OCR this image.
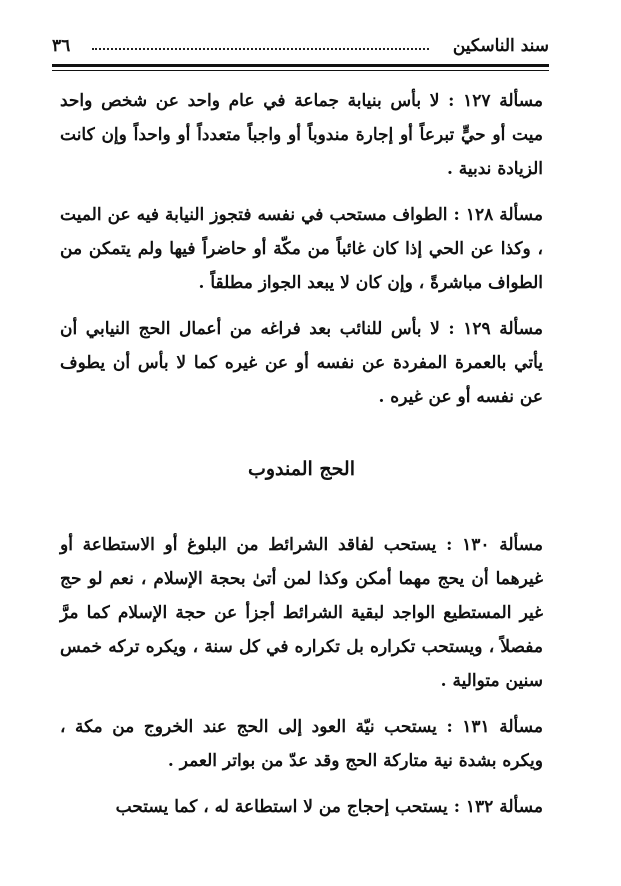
سند الناسكين
٣٦

مسألة ١٢٧ : لا بأس بنيابة جماعة في عام واحد عن شخص واحد ميت أو حيٍّ تبرعاً أو إجارة مندوباً أو واجباً متعدداً أو واحداً وإن كانت الزيادة ندبية .

مسألة ١٢٨ : الطواف مستحب في نفسه فتجوز النيابة فيه عن الميت ، وكذا عن الحي إذا كان غائباً من مكّة أو حاضراً فيها ولم يتمكن من الطواف مباشرةً ، وإن كان لا يبعد الجواز مطلقاً .

مسألة ١٢٩ : لا بأس للنائب بعد فراغه من أعمال الحج النيابي أن يأتي بالعمرة المفردة عن نفسه أو عن غيره كما لا بأس أن يطوف عن نفسه أو عن غيره .

الحج المندوب

مسألة ١٣٠ : يستحب لفاقد الشرائط من البلوغ أو الاستطاعة أو غيرهما أن يحج مهما أمكن وكذا لمن أتىٰ بحجة الإسلام ، نعم لو حج غير المستطيع الواجد لبقية الشرائط أجزأ عن حجة الإسلام كما مرَّ مفصلاً ، ويستحب تكراره بل تكراره في كل سنة ، ويكره تركه خمس سنين متوالية .

مسألة ١٣١ : يستحب نيّة العود إلى الحج عند الخروج من مكة ، ويكره بشدة نية متاركة الحج وقد عدّ من بواتر العمر .

مسألة ١٣٢ : يستحب إحجاج من لا استطاعة له ، كما يستحب
